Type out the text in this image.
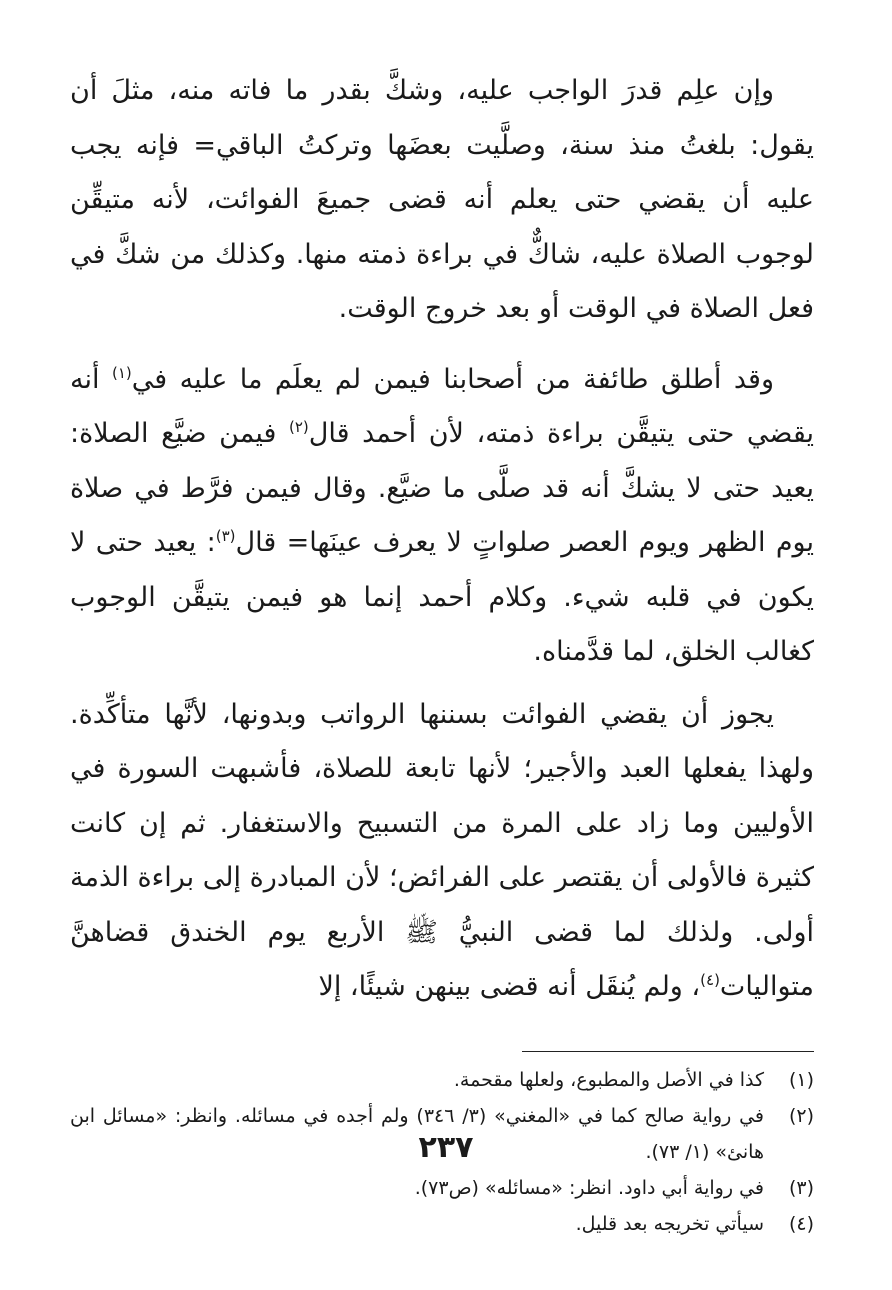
وإن علِم قدرَ الواجب عليه، وشكَّ بقدر ما فاته منه، مثلَ أن يقول: بلغتُ منذ سنة، وصلَّيت بعضَها وتركتُ الباقي= فإنه يجب عليه أن يقضي حتى يعلم أنه قضى جميعَ الفوائت، لأنه متيقِّن لوجوب الصلاة عليه، شاكٌّ في براءة ذمته منها. وكذلك من شكَّ في فعل الصلاة في الوقت أو بعد خروج الوقت.

وقد أطلق طائفة من أصحابنا فيمن لم يعلَم ما عليه في$^{(١)}$ أنه يقضي حتى يتيقَّن براءة ذمته، لأن أحمد قال$^{(٢)}$ فيمن ضيَّع الصلاة: يعيد حتى لا يشكَّ أنه قد صلَّى ما ضيَّع. وقال فيمن فرَّط في صلاة يوم الظهر ويوم العصر صلواتٍ لا يعرف عينَها= قال$^{(٣)}$: يعيد حتى لا يكون في قلبه شيء. وكلام أحمد إنما هو فيمن يتيقَّن الوجوب كغالب الخلق، لما قدَّمناه.

يجوز أن يقضي الفوائت بسننها الرواتب وبدونها، لأنَّها متأكِّدة. ولهذا يفعلها العبد والأجير؛ لأنها تابعة للصلاة، فأشبهت السورة في الأوليين وما زاد على المرة من التسبيح والاستغفار. ثم إن كانت كثيرة فالأولى أن يقتصر على الفرائض؛ لأن المبادرة إلى براءة الذمة أولى. ولذلك لما قضى النبيُّ ﷺ الأربع يوم الخندق قضاهنَّ متواليات$^{(٤)}$، ولم يُنقَل أنه قضى بينهن شيئًا، إلا

(١)
كذا في الأصل والمطبوع، ولعلها مقحمة.
(٢)
في رواية صالح كما في «المغني» (٣/ ٣٤٦) ولم أجده في مسائله. وانظر: «مسائل ابن هانئ» (١/ ٧٣).
(٣)
في رواية أبي داود. انظر: «مسائله» (ص٧٣).
(٤)
سيأتي تخريجه بعد قليل.
٢٣٧
